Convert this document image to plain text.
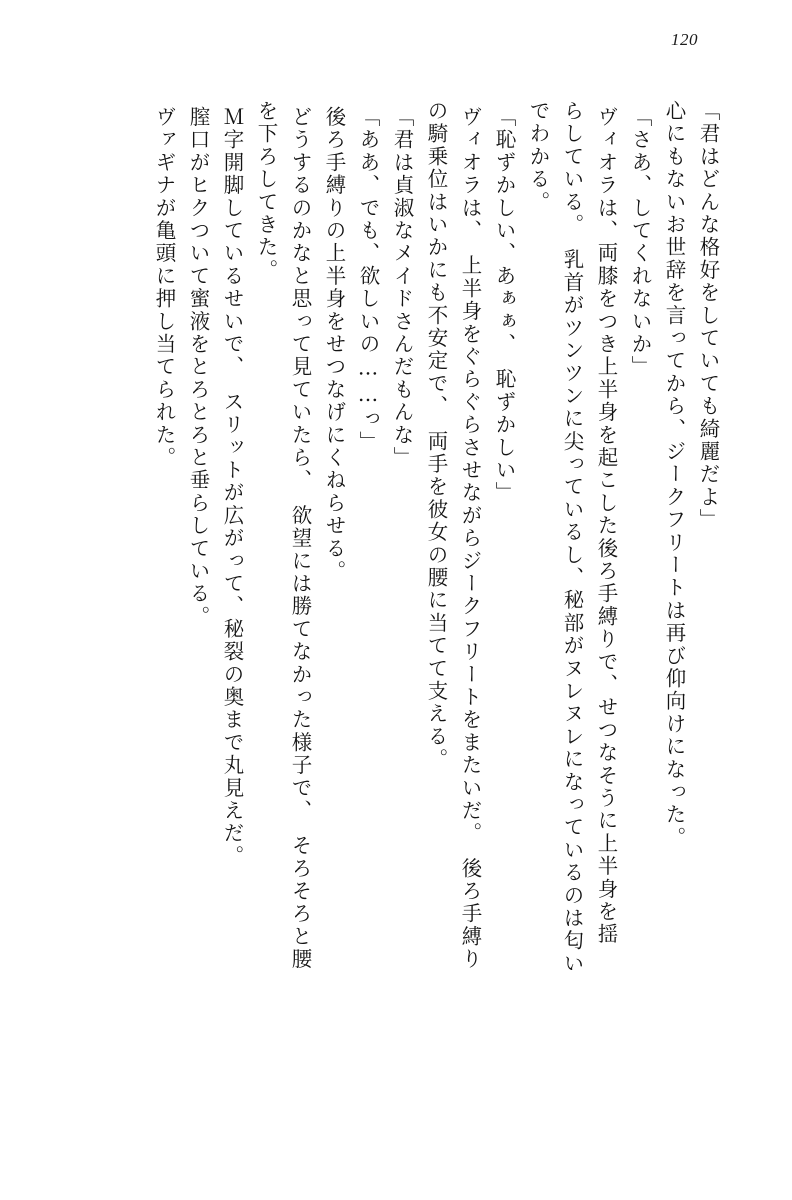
120
「君はどんな格好をしていても綺麗だよ」
心にもないお世辞を言ってから、ジークフリートは再び仰向けになった。
「さあ、してくれないか」
ヴィオラは、両膝をつき上半身を起こした後ろ手縛りで、せつなそうに上半身を揺
らしている。　乳首がツンツンに尖っているし、秘部がヌレヌレになっているのは匂い
でわかる。
「恥ずかしい、あぁぁ、　恥ずかしい」
ヴィオラは、　上半身をぐらぐらさせながらジークフリートをまたいだ。　後ろ手縛り
の騎乗位はいかにも不安定で、　両手を彼女の腰に当てて支える。
「君は貞淑なメイドさんだもんな」
「ああ、でも、欲しいの……っ」
後ろ手縛りの上半身をせつなげにくねらせる。
どうするのかなと思って見ていたら、　欲望には勝てなかった様子で、　そろそろと腰
を下ろしてきた。
Ｍ字開脚しているせいで、　スリットが広がって、秘裂の奥まで丸見えだ。
膣口がヒクついて蜜液をとろとろと垂らしている。
ヴァギナが亀頭に押し当てられた。
